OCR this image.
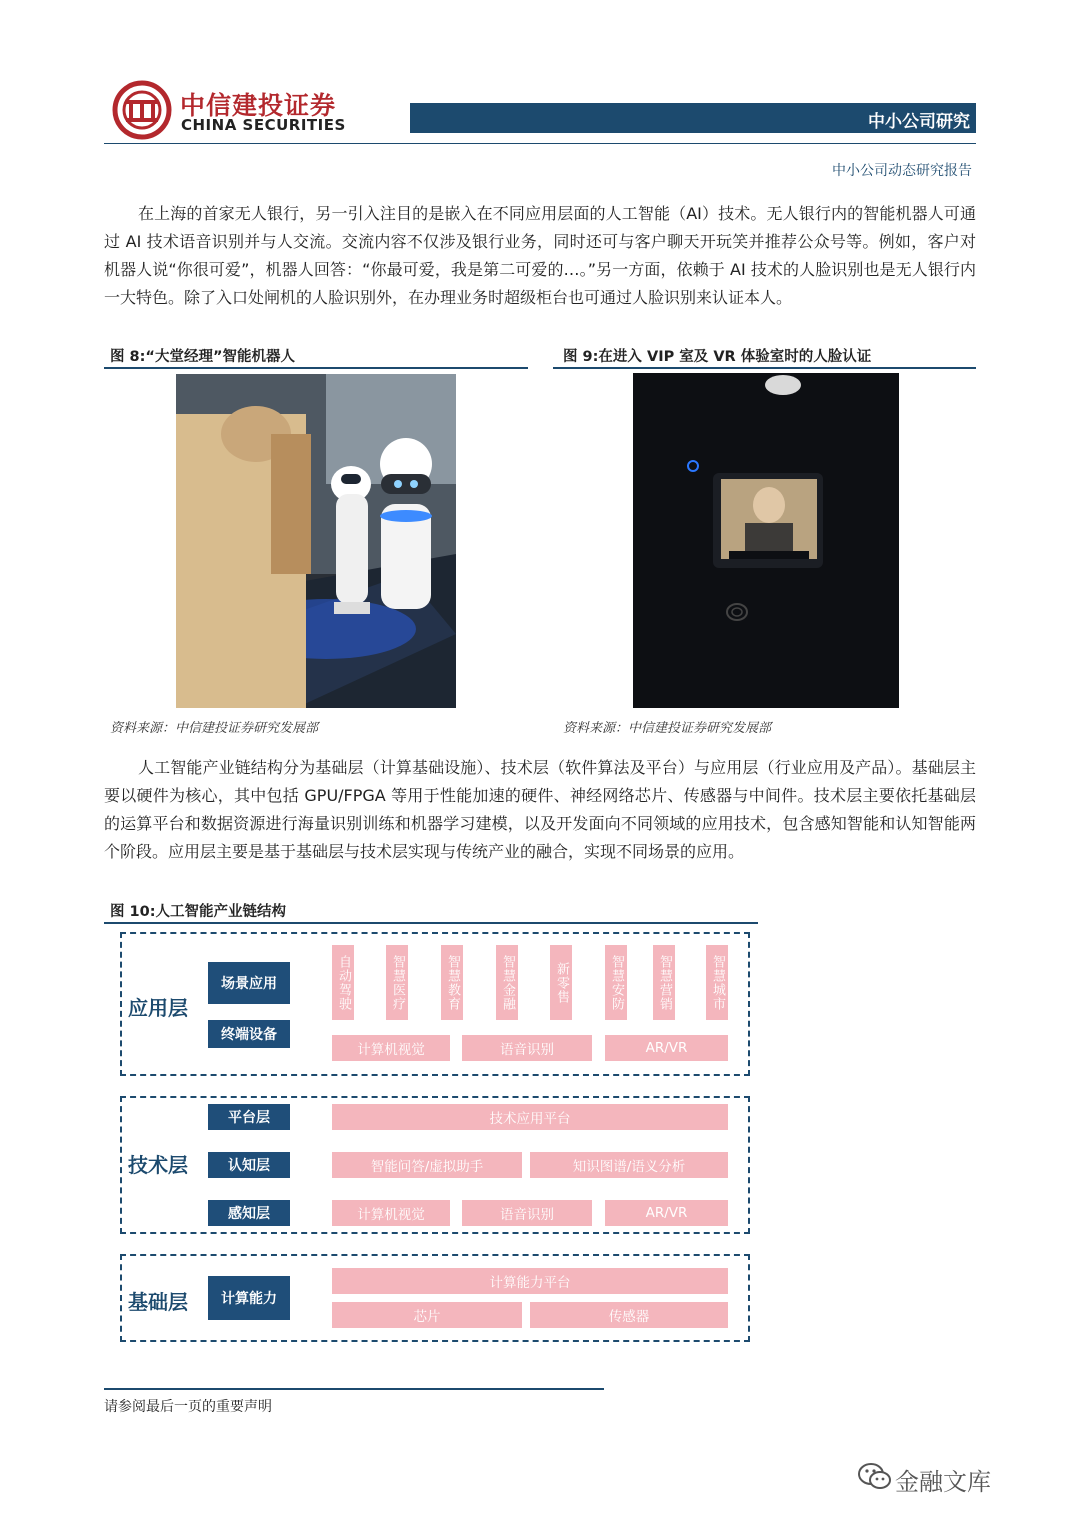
中信建投证券
CHINA SECURITIES	中小公司研究
中小公司动态研究报告

在上海的首家无人银行，另一引入注目的是嵌入在不同应用层面的人工智能（AI）技术。无人银行内的智能机器人可通过 AI 技术语音识别并与人交流。交流内容不仅涉及银行业务，同时还可与客户聊天开玩笑并推荐公众号等。例如，客户对机器人说“你很可爱”，机器人回答：“你最可爱，我是第二可爱的…。”另一方面，依赖于 AI 技术的人脸识别也是无人银行内一大特色。除了入口处闸机的人脸识别外，在办理业务时超级柜台也可通过人脸识别来认证本人。

图 8:“大堂经理”智能机器人
资料来源：中信建投证券研究发展部
图 9:在进入 VIP 室及 VR 体验室时的人脸认证
资料来源：中信建投证券研究发展部

人工智能产业链结构分为基础层（计算基础设施）、技术层（软件算法及平台）与应用层（行业应用及产品）。基础层主要以硬件为核心，其中包括 GPU/FPGA 等用于性能加速的硬件、神经网络芯片、传感器与中间件。技术层主要依托基础层的运算平台和数据资源进行海量识别训练和机器学习建模，以及开发面向不同领域的应用技术，包含感知智能和认知智能两个阶段。应用层主要是基于基础层与技术层实现与传统产业的融合，实现不同场景的应用。

图 10:人工智能产业链结构
应用层
场景应用
终端设备
自动驾驶	智慧医疗	智慧教育	智慧金融	新零售	智慧安防	智慧营销	智慧城市
计算机视觉	语音识别	AR/VR
技术层
平台层
认知层
感知层
技术应用平台
智能问答/虚拟助手	知识图谱/语义分析
计算机视觉	语音识别	AR/VR
基础层	计算能力
计算能力平台
芯片	传感器
请参阅最后一页的重要声明
金融文库
